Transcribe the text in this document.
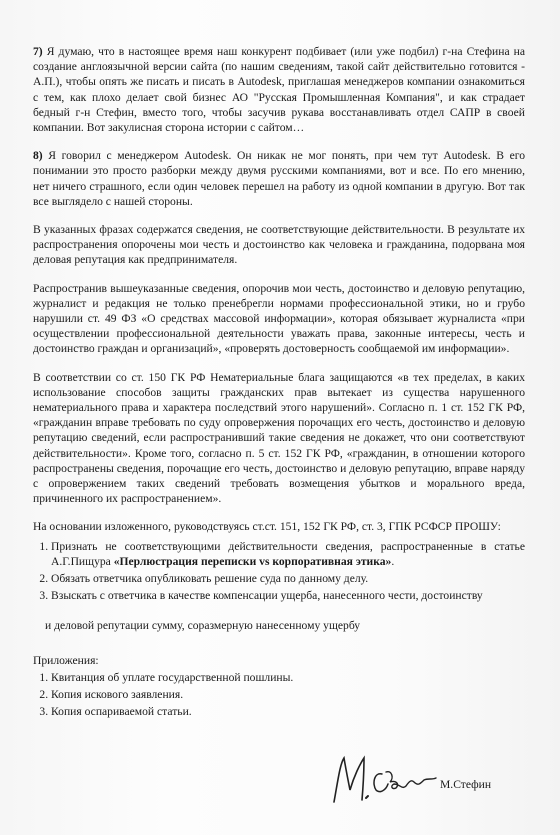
7) Я думаю, что в настоящее время наш конкурент подбивает (или уже подбил) г-на Стефина на создание англоязычной версии сайта (по нашим сведениям, такой сайт действительно готовится - А.П.), чтобы опять же писать и писать в Autodesk, приглашая менеджеров компании ознакомиться с тем, как плохо делает свой бизнес АО "Русская Промышленная Компания", и как страдает бедный г-н Стефин, вместо того, чтобы засучив рукава восстанавливать отдел САПР в своей компании. Вот закулисная сторона истории с сайтом…

8) Я говорил с менеджером Autodesk. Он никак не мог понять, при чем тут Autodesk. В его понимании это просто разборки между двумя русскими компаниями, вот и все. По его мнению, нет ничего страшного, если один человек перешел на работу из одной компании в другую. Вот так все выглядело с нашей стороны.

В указанных фразах содержатся сведения, не соответствующие действительности. В результате их распространения опорочены мои честь и достоинство как человека и гражданина, подорвана моя деловая репутация как предпринимателя.

Распространив вышеуказанные сведения, опорочив мои честь, достоинство и деловую репутацию, журналист и редакция не только пренебрегли нормами профессиональной этики, но и грубо нарушили ст. 49 ФЗ «О средствах массовой информации», которая обязывает журналиста «при осуществлении профессиональной деятельности уважать права, законные интересы, честь и достоинство граждан и организаций», «проверять достоверность сообщаемой им информации».

В соответствии со ст. 150 ГК РФ Нематериальные блага защищаются «в тех пределах, в каких использование способов защиты гражданских прав вытекает из существа нарушенного нематериального права и характера последствий этого нарушений». Согласно п. 1 ст. 152 ГК РФ, «гражданин вправе требовать по суду опровержения порочащих его честь, достоинство и деловую репутацию сведений, если распространивший такие сведения не докажет, что они соответствуют действительности». Кроме того, согласно п. 5 ст. 152 ГК РФ, «гражданин, в отношении которого распространены сведения, порочащие его честь, достоинство и деловую репутацию, вправе наряду с опровержением таких сведений требовать возмещения убытков и морального вреда, причиненного их распространением».

На основании изложенного, руководствуясь ст.ст. 151, 152 ГК РФ, ст. 3, ГПК РСФСР ПРОШУ:

1. Признать не соответствующими действительности сведения, распространенные в статье А.Г.Пищура «Перлюстрация переписки vs корпоративная этика».
2. Обязать ответчика опубликовать решение суда по данному делу.
3. Взыскать с ответчика в качестве компенсации ущерба, нанесенного чести, достоинству

и деловой репутации сумму, соразмерную нанесенному ущербу

Приложения:

1. Квитанция об уплате государственной пошлины.
2. Копия искового заявления.
3. Копия оспариваемой статьи.
М.Стефин
